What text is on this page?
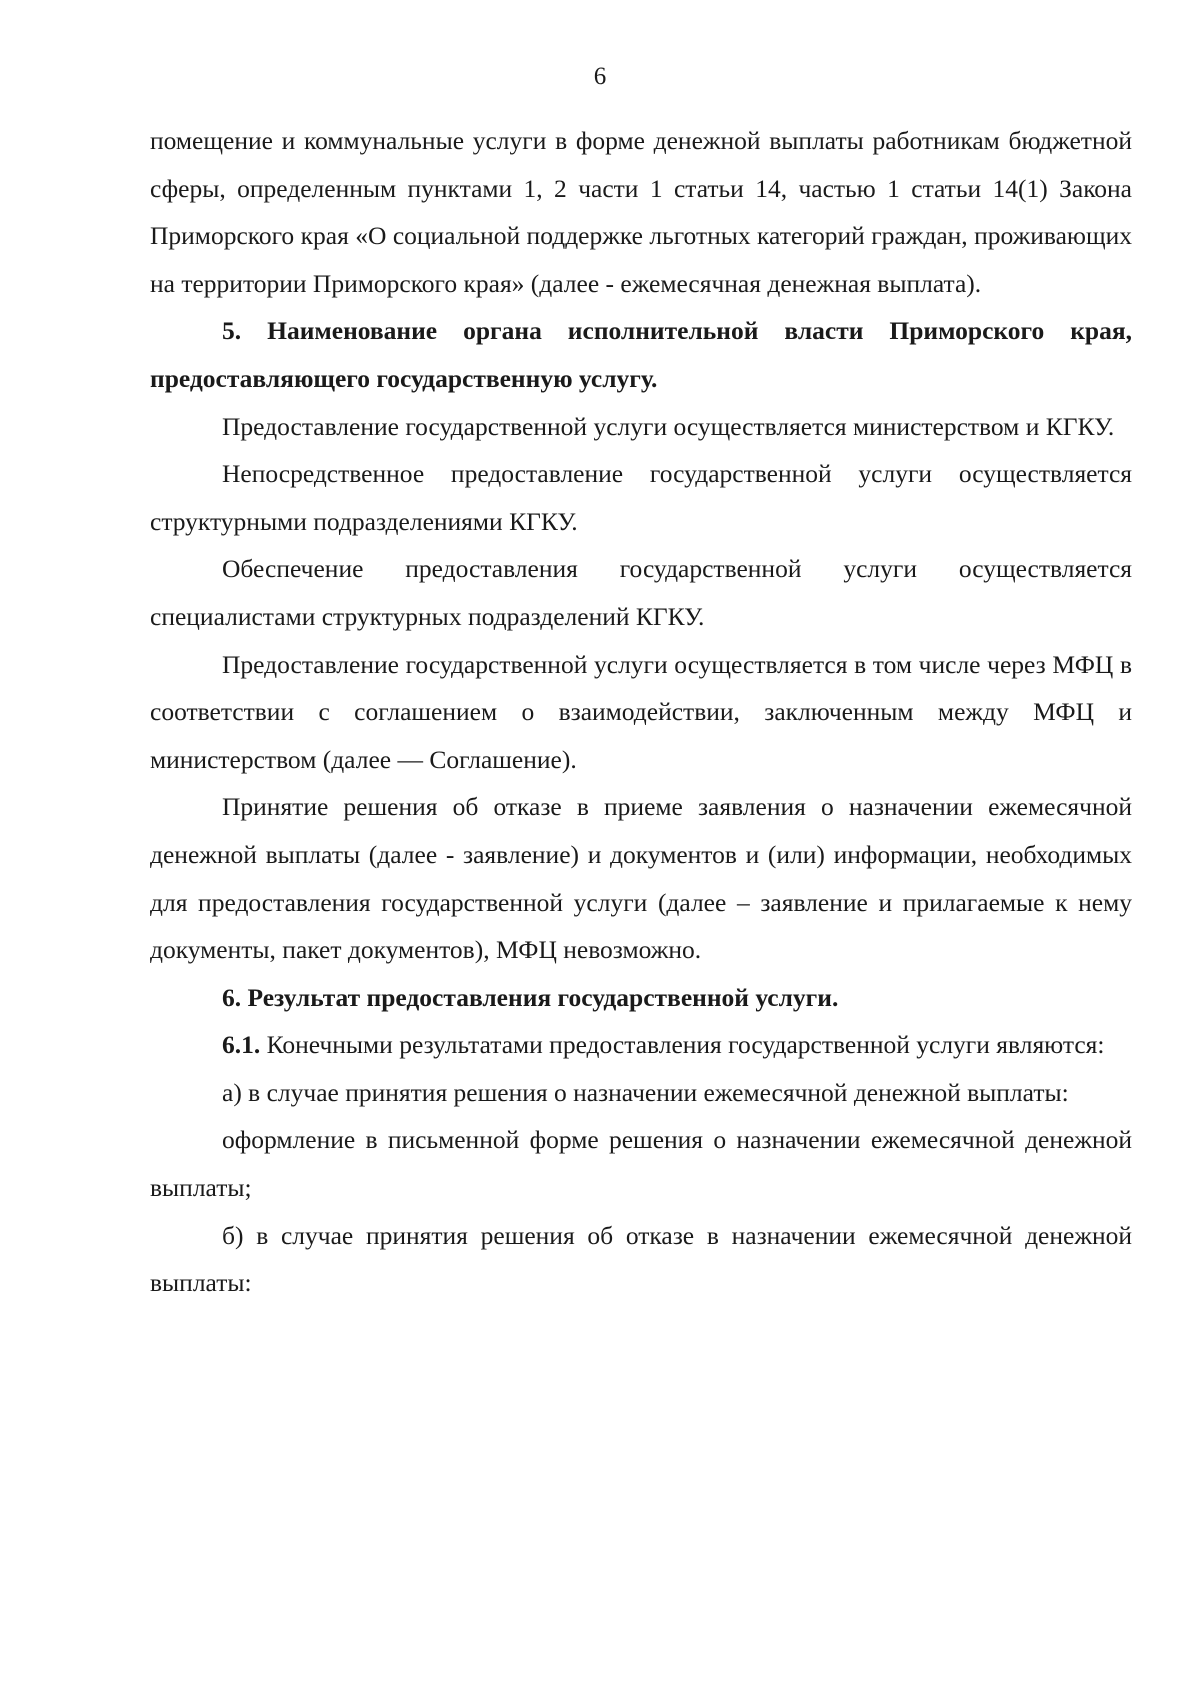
6

помещение и коммунальные услуги в форме денежной выплаты работникам бюджетной сферы, определенным пунктами 1, 2 части 1 статьи 14, частью 1 статьи 14(1) Закона Приморского края «О социальной поддержке льготных категорий граждан, проживающих на территории Приморского края» (далее - ежемесячная денежная выплата).

5. Наименование органа исполнительной власти Приморского края, предоставляющего государственную услугу.

Предоставление государственной услуги осуществляется министерством и КГКУ.

Непосредственное предоставление государственной услуги осуществляется структурными подразделениями КГКУ.

Обеспечение предоставления государственной услуги осуществляется специалистами структурных подразделений КГКУ.

Предоставление государственной услуги осуществляется в том числе через МФЦ в соответствии с соглашением о взаимодействии, заключенным между МФЦ и министерством (далее — Соглашение).

Принятие решения об отказе в приеме заявления о назначении ежемесячной денежной выплаты (далее - заявление) и документов и (или) информации, необходимых для предоставления государственной услуги (далее – заявление и прилагаемые к нему документы, пакет документов), МФЦ невозможно.

6. Результат предоставления государственной услуги.

6.1. Конечными результатами предоставления государственной услуги являются:

а) в случае принятия решения о назначении ежемесячной денежной выплаты:

оформление в письменной форме решения о назначении ежемесячной денежной выплаты;

б) в случае принятия решения об отказе в назначении ежемесячной денежной выплаты:
